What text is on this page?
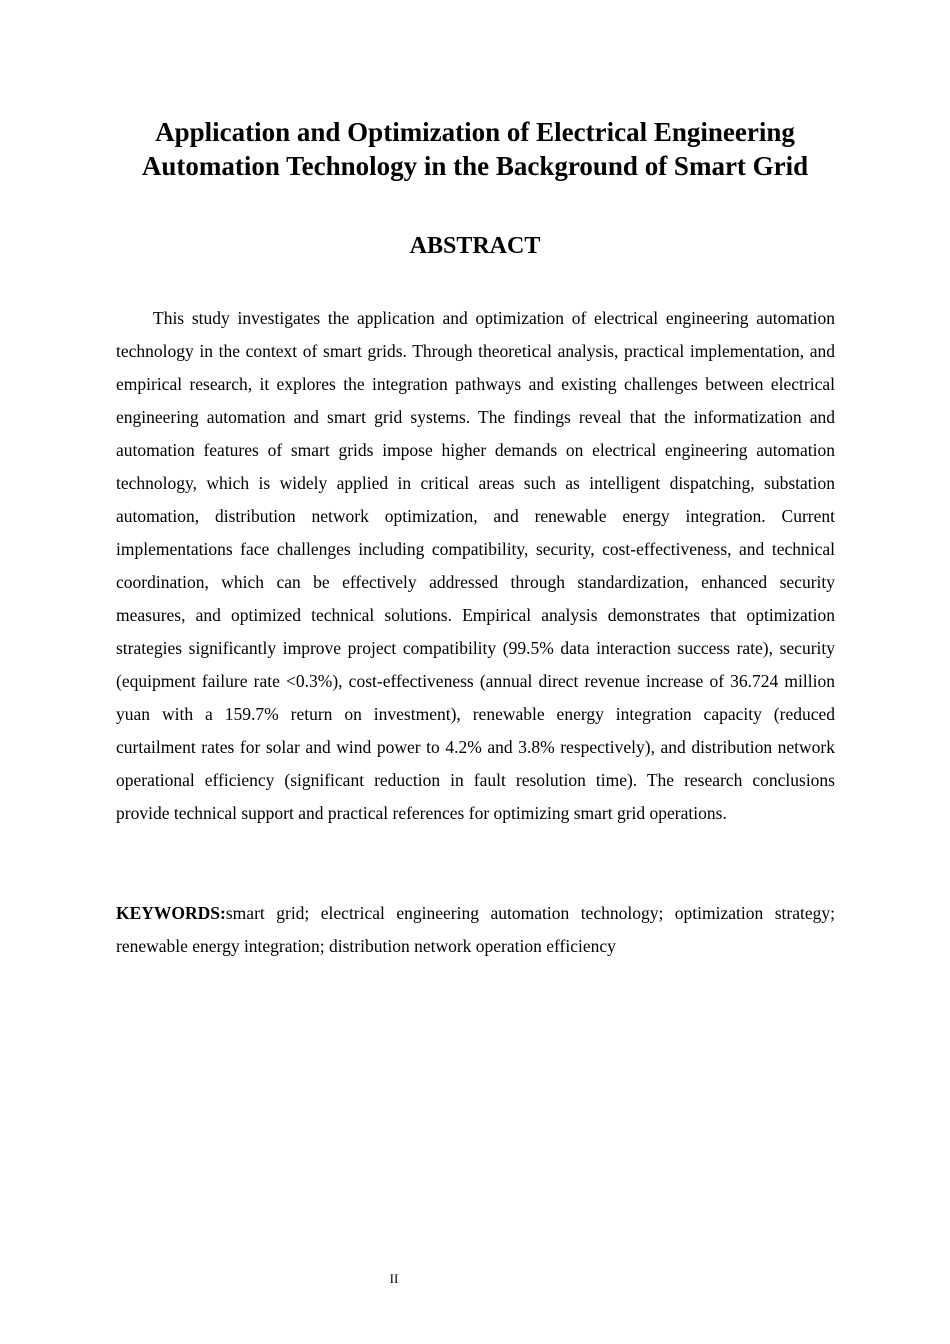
Application and Optimization of Electrical Engineering Automation Technology in the Background of Smart Grid
ABSTRACT

This study investigates the application and optimization of electrical engineering automation technology in the context of smart grids. Through theoretical analysis, practical implementation, and empirical research, it explores the integration pathways and existing challenges between electrical engineering automation and smart grid systems. The findings reveal that the informatization and automation features of smart grids impose higher demands on electrical engineering automation technology, which is widely applied in critical areas such as intelligent dispatching, substation automation, distribution network optimization, and renewable energy integration. Current implementations face challenges including compatibility, security, cost-effectiveness, and technical coordination, which can be effectively addressed through standardization, enhanced security measures, and optimized technical solutions. Empirical analysis demonstrates that optimization strategies significantly improve project compatibility (99.5% data interaction success rate), security (equipment failure rate <0.3%), cost-effectiveness (annual direct revenue increase of 36.724 million yuan with a 159.7% return on investment), renewable energy integration capacity (reduced curtailment rates for solar and wind power to 4.2% and 3.8% respectively), and distribution network operational efficiency (significant reduction in fault resolution time). The research conclusions provide technical support and practical references for optimizing smart grid operations.

KEYWORDS:smart grid; electrical engineering automation technology; optimization strategy; renewable energy integration; distribution network operation efficiency

II
